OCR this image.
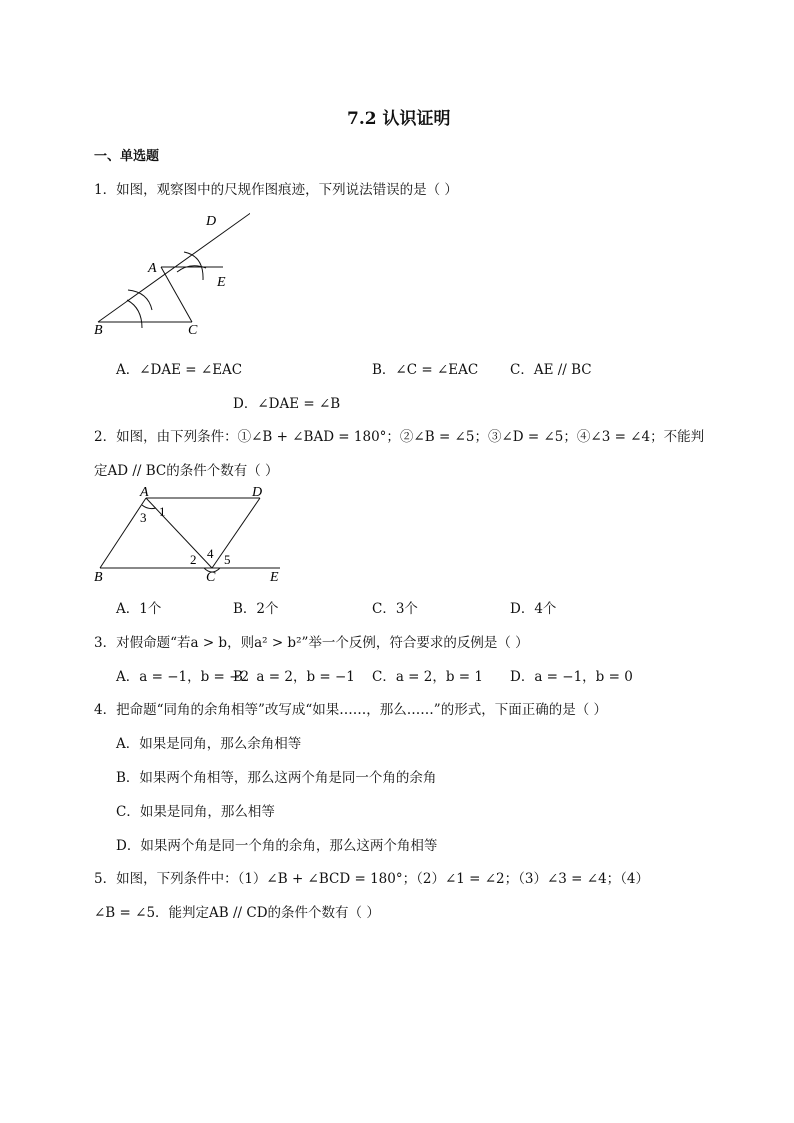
7.2 认识证明
一、单选题
1．如图，观察图中的尺规作图痕迹，下列说法错误的是（ ）
D
A
E
B	C
A．∠DAE = ∠EAC	B．∠C = ∠EAC C．AE // BC
D．∠DAE = ∠B
2．如图，由下列条件：①∠B + ∠BAD = 180°；②∠B = ∠5；③∠D = ∠5；④∠3 = ∠4；不能判
定AD // BC的条件个数有（ ）
A	D
3 1
2 4 5
B	C	E
A．1个	B．2个	C．3个	D．4个
3．对假命题“若a > b，则a² > b²”举一个反例，符合要求的反例是（ ）
A．a = −1，b = −2
B．a = 2，b = −1 C．a = 2，b = 1 D．a = −1，b = 0
4．把命题“同角的余角相等”改写成“如果……，那么……”的形式，下面正确的是（ ）
A．如果是同角，那么余角相等
B．如果两个角相等，那么这两个角是同一个角的余角
C．如果是同角，那么相等
D．如果两个角是同一个角的余角，那么这两个角相等
5．如图，下列条件中：（1）∠B + ∠BCD = 180°；（2）∠1 = ∠2；（3）∠3 = ∠4；（4）
∠B = ∠5．能判定AB // CD的条件个数有（ ）
